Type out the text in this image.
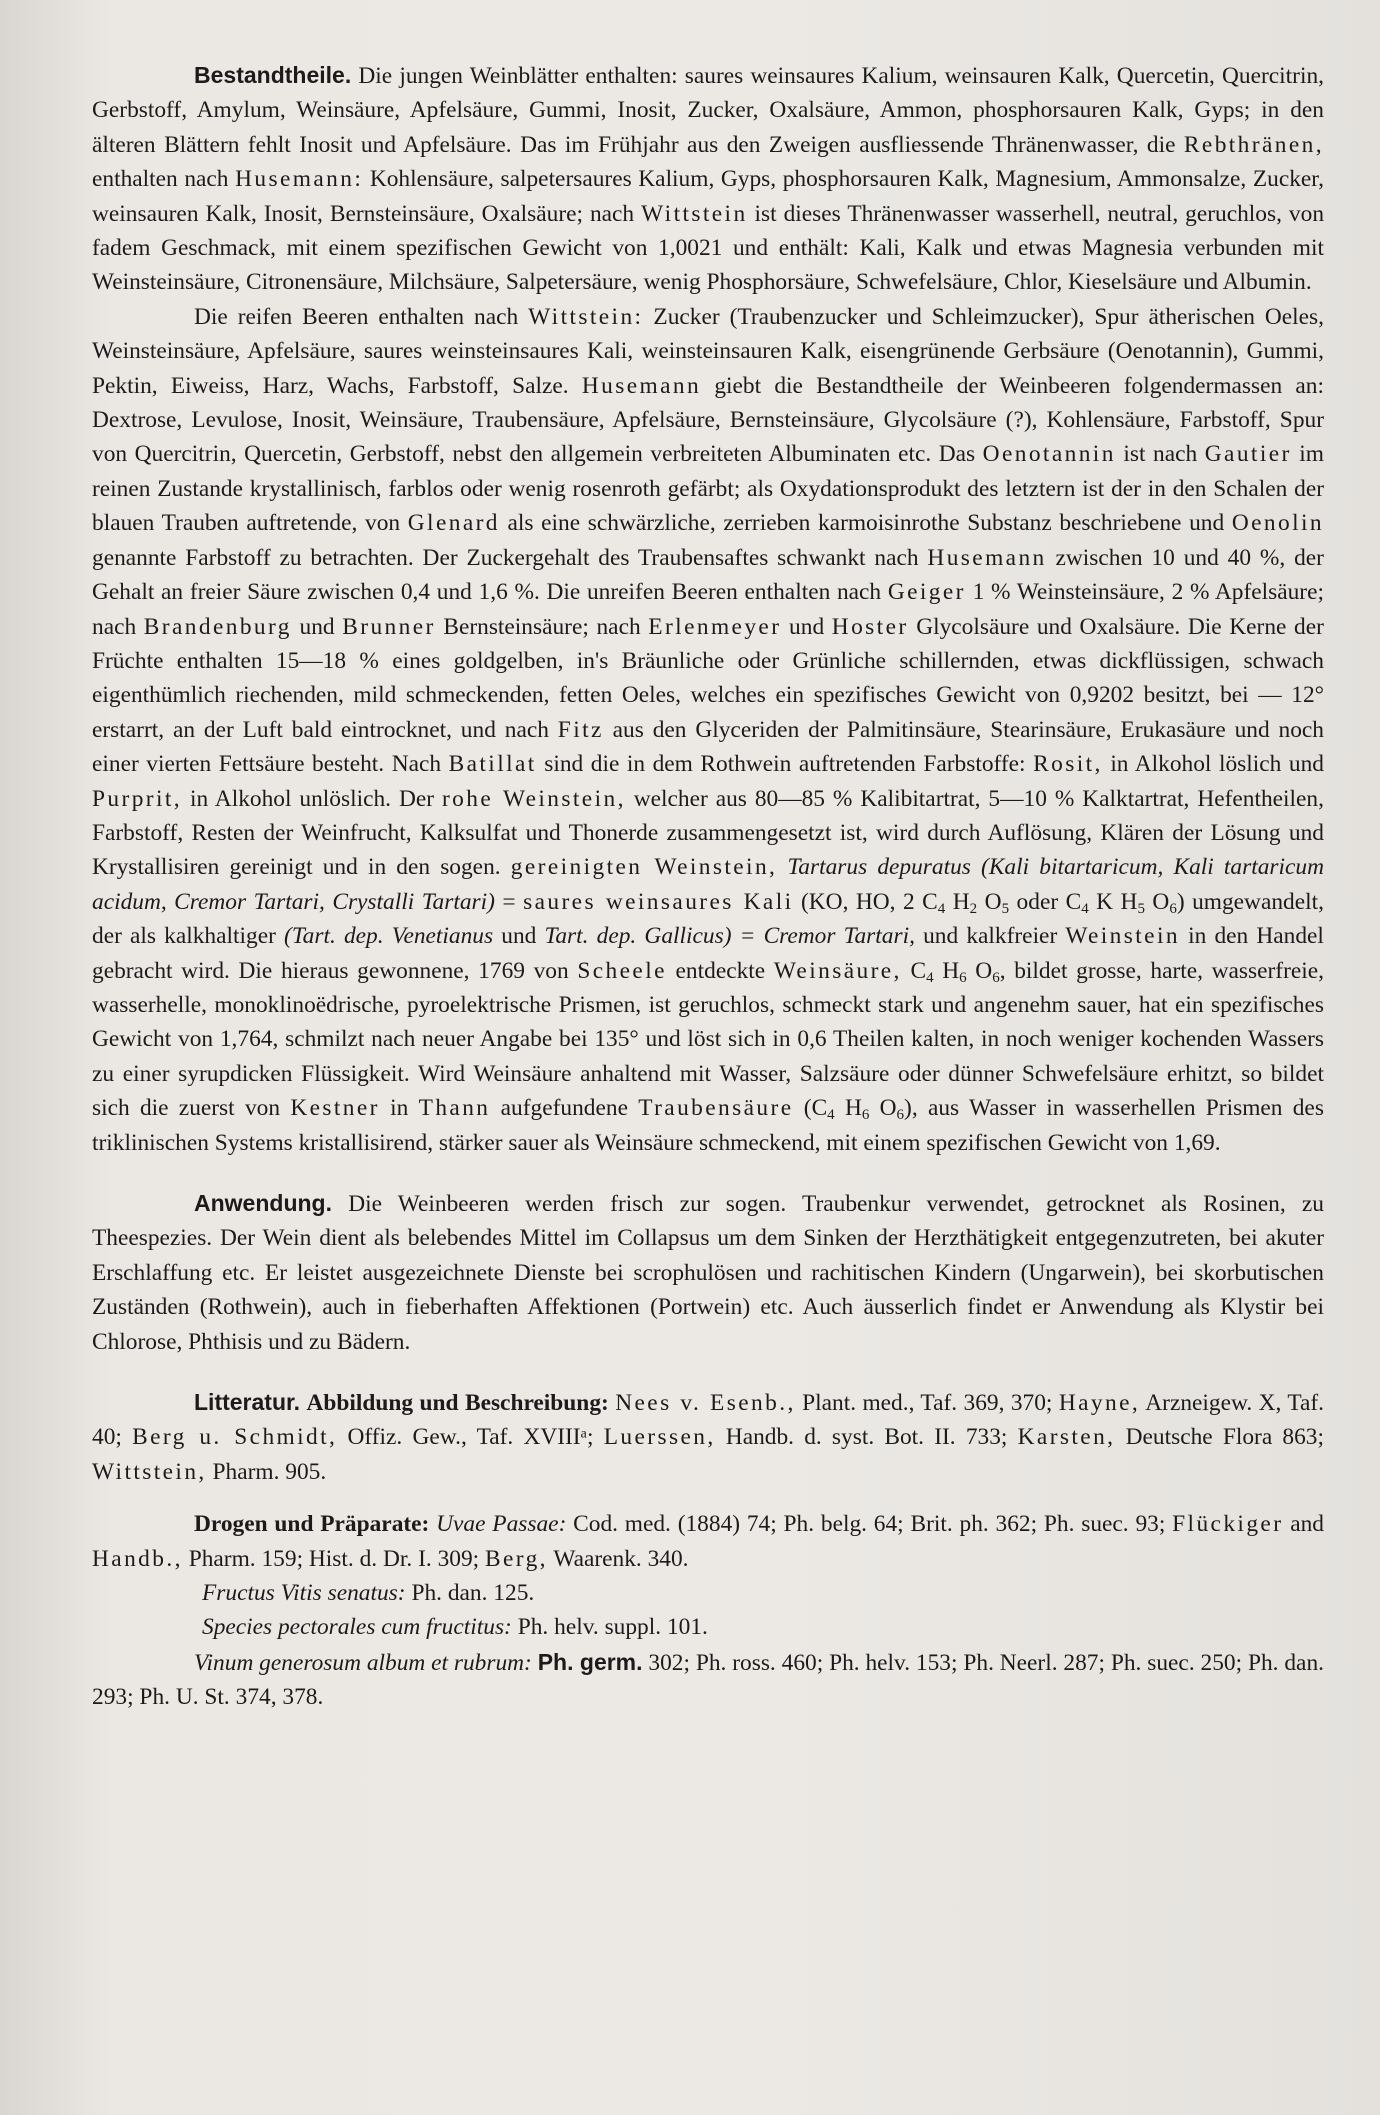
Bestandtheile. Die jungen Weinblätter enthalten: saures weinsaures Kalium, weinsauren Kalk, Quercetin, Quercitrin, Gerbstoff, Amylum, Weinsäure, Apfelsäure, Gummi, Inosit, Zucker, Oxalsäure, Ammon, phosphorsauren Kalk, Gyps; in den älteren Blättern fehlt Inosit und Apfelsäure. Das im Frühjahr aus den Zweigen ausfliessende Thränenwasser, die Rebthränen, enthalten nach Husemann: Kohlensäure, salpetersaures Kalium, Gyps, phosphorsauren Kalk, Magnesium, Ammonsalze, Zucker, weinsauren Kalk, Inosit, Bernsteinsäure, Oxalsäure; nach Wittstein ist dieses Thränenwasser wasserhell, neutral, geruchlos, von fadem Geschmack, mit einem spezifischen Gewicht von 1,0021 und enthält: Kali, Kalk und etwas Magnesia verbunden mit Weinsteinsäure, Citronensäure, Milchsäure, Salpetersäure, wenig Phosphorsäure, Schwefelsäure, Chlor, Kieselsäure und Albumin.

Die reifen Beeren enthalten nach Wittstein: Zucker (Traubenzucker und Schleimzucker), Spur ätherischen Oeles, Weinsteinsäure, Apfelsäure, saures weinsteinsaures Kali, weinsteinsauren Kalk, eisengrünende Gerbsäure (Oenotannin), Gummi, Pektin, Eiweiss, Harz, Wachs, Farbstoff, Salze. Husemann giebt die Bestandtheile der Weinbeeren folgendermassen an: Dextrose, Levulose, Inosit, Weinsäure, Traubensäure, Apfelsäure, Bernsteinsäure, Glycolsäure (?), Kohlensäure, Farbstoff, Spur von Quercitrin, Quercetin, Gerbstoff, nebst den allgemein verbreiteten Albuminaten etc. Das Oenotannin ist nach Gautier im reinen Zustande krystallinisch, farblos oder wenig rosenroth gefärbt; als Oxydationsprodukt des letztern ist der in den Schalen der blauen Trauben auftretende, von Glenard als eine schwärzliche, zerrieben karmoisinrothe Substanz beschriebene und Oenolin genannte Farbstoff zu betrachten. Der Zuckergehalt des Traubensaftes schwankt nach Husemann zwischen 10 und 40 %, der Gehalt an freier Säure zwischen 0,4 und 1,6 %. Die unreifen Beeren enthalten nach Geiger 1 % Weinsteinsäure, 2 % Apfelsäure; nach Brandenburg und Brunner Bernsteinsäure; nach Erlenmeyer und Hoster Glycolsäure und Oxalsäure. Die Kerne der Früchte enthalten 15—18 % eines goldgelben, in's Bräunliche oder Grünliche schillernden, etwas dickflüssigen, schwach eigenthümlich riechenden, mild schmeckenden, fetten Oeles, welches ein spezifisches Gewicht von 0,9202 besitzt, bei — 12° erstarrt, an der Luft bald eintrocknet, und nach Fitz aus den Glyceriden der Palmitinsäure, Stearinsäure, Erukasäure und noch einer vierten Fettsäure besteht. Nach Batillat sind die in dem Rothwein auftretenden Farbstoffe: Rosit, in Alkohol löslich und Purprit, in Alkohol unlöslich. Der rohe Weinstein, welcher aus 80—85 % Kalibitartrat, 5—10 % Kalktartrat, Hefentheilen, Farbstoff, Resten der Weinfrucht, Kalksulfat und Thonerde zusammengesetzt ist, wird durch Auflösung, Klären der Lösung und Krystallisiren gereinigt und in den sogen. gereinigten Weinstein, Tartarus depuratus (Kali bitartaricum, Kali tartaricum acidum, Cremor Tartari, Crystalli Tartari) = saures weinsaures Kali (KO, HO, 2 $C_4$ $H_2$ $O_5$ oder $C_4$ K $H_5$ $O_6$) umgewandelt, der als kalkhaltiger (Tart. dep. Venetianus und Tart. dep. Gallicus) = Cremor Tartari, und kalkfreier Weinstein in den Handel gebracht wird. Die hieraus gewonnene, 1769 von Scheele entdeckte Weinsäure, $C_4$ $H_6$ $O_6$, bildet grosse, harte, wasserfreie, wasserhelle, monoklinoëdrische, pyroelektrische Prismen, ist geruchlos, schmeckt stark und angenehm sauer, hat ein spezifisches Gewicht von 1,764, schmilzt nach neuer Angabe bei 135° und löst sich in 0,6 Theilen kalten, in noch weniger kochenden Wassers zu einer syrupdicken Flüssigkeit. Wird Weinsäure anhaltend mit Wasser, Salzsäure oder dünner Schwefelsäure erhitzt, so bildet sich die zuerst von Kestner in Thann aufgefundene Traubensäure ($C_4$ $H_6$ $O_6$), aus Wasser in wasserhellen Prismen des triklinischen Systems kristallisirend, stärker sauer als Weinsäure schmeckend, mit einem spezifischen Gewicht von 1,69.

Anwendung. Die Weinbeeren werden frisch zur sogen. Traubenkur verwendet, getrocknet als Rosinen, zu Theespezies. Der Wein dient als belebendes Mittel im Collapsus um dem Sinken der Herzthätigkeit entgegenzutreten, bei akuter Erschlaffung etc. Er leistet ausgezeichnete Dienste bei scrophulösen und rachitischen Kindern (Ungarwein), bei skorbutischen Zuständen (Rothwein), auch in fieberhaften Affektionen (Portwein) etc. Auch äusserlich findet er Anwendung als Klystir bei Chlorose, Phthisis und zu Bädern.

Litteratur. Abbildung und Beschreibung: Nees v. Esenb., Plant. med., Taf. 369, 370; Hayne, Arzneigew. X, Taf. 40; Berg u. Schmidt, Offiz. Gew., Taf. XVIIIᵃ; Luerssen, Handb. d. syst. Bot. II. 733; Karsten, Deutsche Flora 863; Wittstein, Pharm. 905.

Drogen und Präparate: Uvae Passae: Cod. med. (1884) 74; Ph. belg. 64; Brit. ph. 362; Ph. suec. 93; Flückiger and Handb., Pharm. 159; Hist. d. Dr. I. 309; Berg, Waarenk. 340.

Fructus Vitis senatus: Ph. dan. 125.

Species pectorales cum fructitus: Ph. helv. suppl. 101.

Vinum generosum album et rubrum: Ph. germ. 302; Ph. ross. 460; Ph. helv. 153; Ph. Neerl. 287; Ph. suec. 250; Ph. dan. 293; Ph. U. St. 374, 378.
